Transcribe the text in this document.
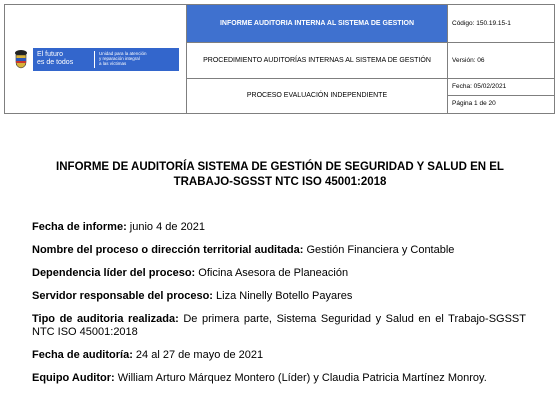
El futuro
es de todos
Unidad para la atención
y reparación integral
a las víctimas	INFORME AUDITORIA INTERNA AL SISTEMA DE GESTION	Código: 150.19.15-1
	PROCEDIMIENTO AUDITORÍAS INTERNAS AL SISTEMA DE GESTIÓN	Versión: 06
	PROCESO EVALUACIÓN INDEPENDIENTE	Fecha: 05/02/2021
Página 1 de 20
INFORME DE AUDITORÍA SISTEMA DE GESTIÓN DE SEGURIDAD Y SALUD EN EL
TRABAJO-SGSST NTC ISO 45001:2018
Fecha de informe: junio 4 de 2021
Nombre del proceso o dirección territorial auditada: Gestión Financiera y Contable
Dependencia líder del proceso: Oficina Asesora de Planeación
Servidor responsable del proceso: Liza Ninelly Botello Payares
Tipo de auditoria realizada: De primera parte, Sistema Seguridad y Salud en el Trabajo-SGSST NTC ISO 45001:2018
Fecha de auditoría: 24 al 27 de mayo de 2021
Equipo Auditor: William Arturo Márquez Montero (Líder) y Claudia Patricia Martínez Monroy.
